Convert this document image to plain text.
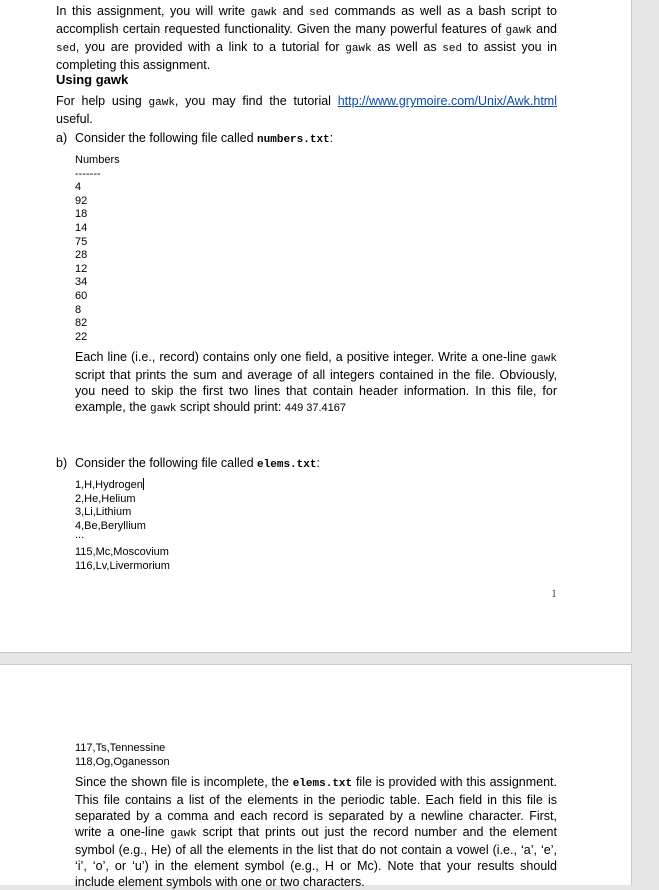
In this assignment, you will write gawk and sed commands as well as a bash script to accomplish certain requested functionality. Given the many powerful features of gawk and sed, you are provided with a link to a tutorial for gawk as well as sed to assist you in completing this assignment.

Using gawk

For help using gawk, you may find the tutorial http://www.grymoire.com/Unix/Awk.html useful.

a) Consider the following file called numbers.txt:
Numbers
-------
4
92
18
14
75
28
12
34
60
8
82
22

Each line (i.e., record) contains only one field, a positive integer. Write a one-line gawk script that prints the sum and average of all integers contained in the file. Obviously, you need to skip the first two lines that contain header information. In this file, for example, the gawk script should print: 449 37.4167

b) Consider the following file called elems.txt:
1,H,Hydrogen
2,He,Helium
3,Li,Lithium
4,Be,Beryllium
...
115,Mc,Moscovium
116,Lv,Livermorium
1
117,Ts,Tennessine
118,Og,Oganesson

Since the shown file is incomplete, the elems.txt file is provided with this assignment. This file contains a list of the elements in the periodic table. Each field in this file is separated by a comma and each record is separated by a newline character. First, write a one-line gawk script that prints out just the record number and the element symbol (e.g., He) of all the elements in the list that do not contain a vowel (i.e., ‘a’, ‘e’, ‘i’, ‘o’, or ‘u’) in the element symbol (e.g., H or Mc). Note that your results should include element symbols with one or two characters.
